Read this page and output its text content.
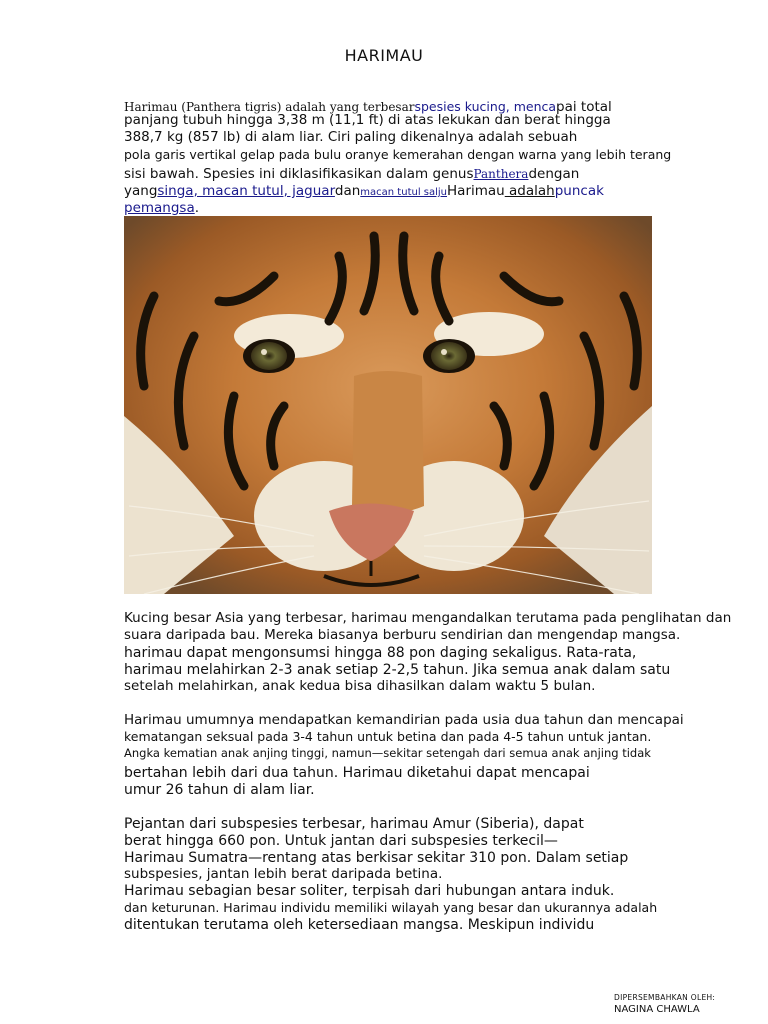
HARIMAU
Harimau (Panthera tigris) adalah yang terbesarspesies kucing, mencapai total
panjang tubuh hingga 3,38 m (11,1 ft) di atas lekukan dan berat hingga
388,7 kg (857 lb) di alam liar. Ciri paling dikenalnya adalah sebuah
pola garis vertikal gelap pada bulu oranye kemerahan dengan warna yang lebih terang
sisi bawah. Spesies ini diklasifikasikan dalam genusPantheradengan
yangsinga, macan tutul, jaguardanmacan tutul saljuHarimau adalahpuncak
pemangsa.
Kucing besar Asia yang terbesar, harimau mengandalkan terutama pada penglihatan dan
suara daripada bau. Mereka biasanya berburu sendirian dan mengendap mangsa.
harimau dapat mengonsumsi hingga 88 pon daging sekaligus. Rata-rata,
harimau melahirkan 2-3 anak setiap 2-2,5 tahun. Jika semua anak dalam satu
setelah melahirkan, anak kedua bisa dihasilkan dalam waktu 5 bulan.
Harimau umumnya mendapatkan kemandirian pada usia dua tahun dan mencapai
kematangan seksual pada 3-4 tahun untuk betina dan pada 4-5 tahun untuk jantan.
Angka kematian anak anjing tinggi, namun—sekitar setengah dari semua anak anjing tidak
bertahan lebih dari dua tahun. Harimau diketahui dapat mencapai
umur 26 tahun di alam liar.
Pejantan dari subspesies terbesar, harimau Amur (Siberia), dapat
berat hingga 660 pon. Untuk jantan dari subspesies terkecil—
Harimau Sumatra—rentang atas berkisar sekitar 310 pon. Dalam setiap
subspesies, jantan lebih berat daripada betina.
Harimau sebagian besar soliter, terpisah dari hubungan antara induk.
dan keturunan. Harimau individu memiliki wilayah yang besar dan ukurannya adalah
ditentukan terutama oleh ketersediaan mangsa. Meskipun individu
DIPERSEMBAHKAN OLEH:
NAGINA CHAWLA
